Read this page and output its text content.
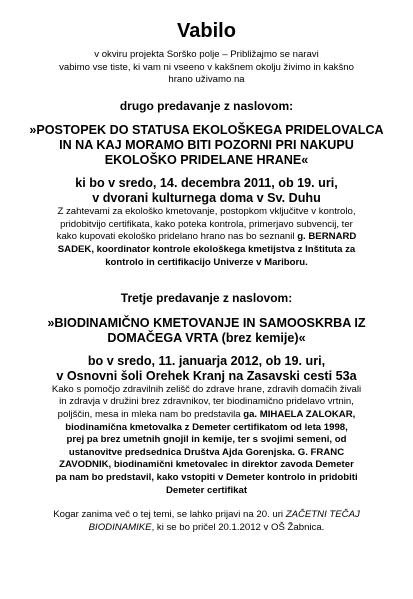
Vabilo

v okviru projekta Sorško polje – Približajmo se naravi

vabimo vse tiste, ki vam ni vseeno v kakšnem okolju živimo in kakšno

hrano uživamo na

drugo predavanje z naslovom:

»POSTOPEK DO STATUSA EKOLOŠKEGA PRIDELOVALCA

IN NA KAJ MORAMO BITI POZORNI PRI NAKUPU

EKOLOŠKO PRIDELANE HRANE«

ki bo v sredo, 14. decembra 2011, ob 19. uri,

v dvorani kulturnega doma v Sv. Duhu

Z zahtevami za ekološko kmetovanje, postopkom vključitve v kontrolo,

pridobitvijo certifikata, kako poteka kontrola, primerjavo subvencij, ter

kako kupovati ekološko pridelano hrano nas bo seznanil g. BERNARD

SADEK, koordinator kontrole ekološkega kmetijstva z Inštituta za

kontrolo in certifikacijo Univerze v Mariboru.

Tretje predavanje z naslovom:

»BIODINAMIČNO KMETOVANJE IN SAMOOSKRBA IZ

DOMAČEGA VRTA (brez kemije)«

bo v sredo, 11. januarja 2012, ob 19. uri,

v Osnovni šoli Orehek Kranj na Zasavski cesti 53a

Kako s pomočjo zdravilnih zelišč do zdrave hrane, zdravih domačih živali

in zdravja v družini brez zdravnikov, ter biodinamično pridelavo vrtnin,

poljščin, mesa in mleka nam bo predstavila ga. MIHAELA ZALOKAR,

biodinamična kmetovalka z Demeter certifikatom od leta 1998,

prej pa brez umetnih gnojil in kemije, ter s svojimi semeni, od

ustanovitve predsednica Društva Ajda Gorenjska. G. FRANC

ZAVODNIK, biodinamični kmetovalec in direktor zavoda Demeter

pa nam bo predstavil, kako vstopiti v Demeter kontrolo in pridobiti

Demeter certifikat

Kogar zanima več o tej temi, se lahko prijavi na 20. uri ZAČETNI TEČAJ

BIODINAMIKE, ki se bo pričel 20.1.2012 v OŠ Žabnica.
